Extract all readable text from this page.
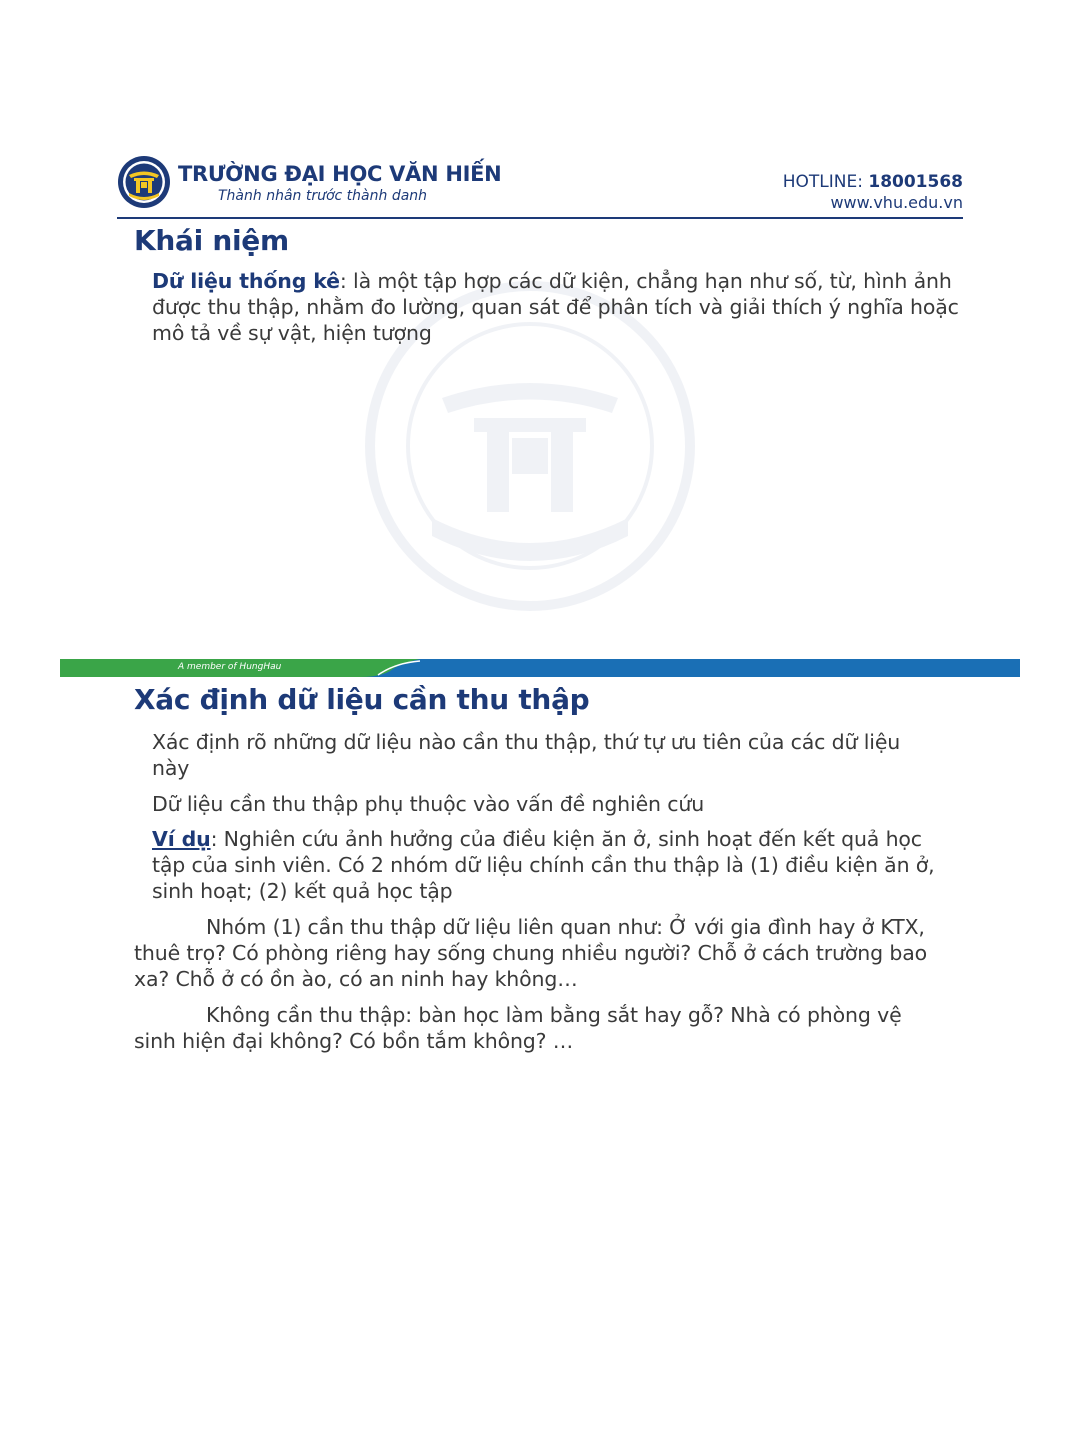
TRƯỜNG ĐẠI HỌC VĂN HIẾN
Thành nhân trước thành danh
HOTLINE: 18001568
www.vhu.edu.vn
Khái niệm
Dữ liệu thống kê: là một tập hợp các dữ kiện, chẳng hạn như số, từ, hình ảnh được thu thập, nhằm đo lường, quan sát để phân tích và giải thích ý nghĩa hoặc mô tả về sự vật, hiện tượng
A member of HungHau
Xác định dữ liệu cần thu thập
Xác định rõ những dữ liệu nào cần thu thập, thứ tự ưu tiên của các dữ liệu này
Dữ liệu cần thu thập phụ thuộc vào vấn đề nghiên cứu
Ví dụ: Nghiên cứu ảnh hưởng của điều kiện ăn ở, sinh hoạt đến kết quả học tập của sinh viên. Có 2 nhóm dữ liệu chính cần thu thập là (1) điều kiện ăn ở, sinh hoạt; (2) kết quả học tập
Nhóm (1) cần thu thập dữ liệu liên quan như: Ở với gia đình hay ở KTX, thuê trọ? Có phòng riêng hay sống chung nhiều người? Chỗ ở cách trường bao xa? Chỗ ở có ồn ào, có an ninh hay không…
Không cần thu thập: bàn học làm bằng sắt hay gỗ? Nhà có phòng vệ sinh hiện đại không? Có bồn tắm không? …
